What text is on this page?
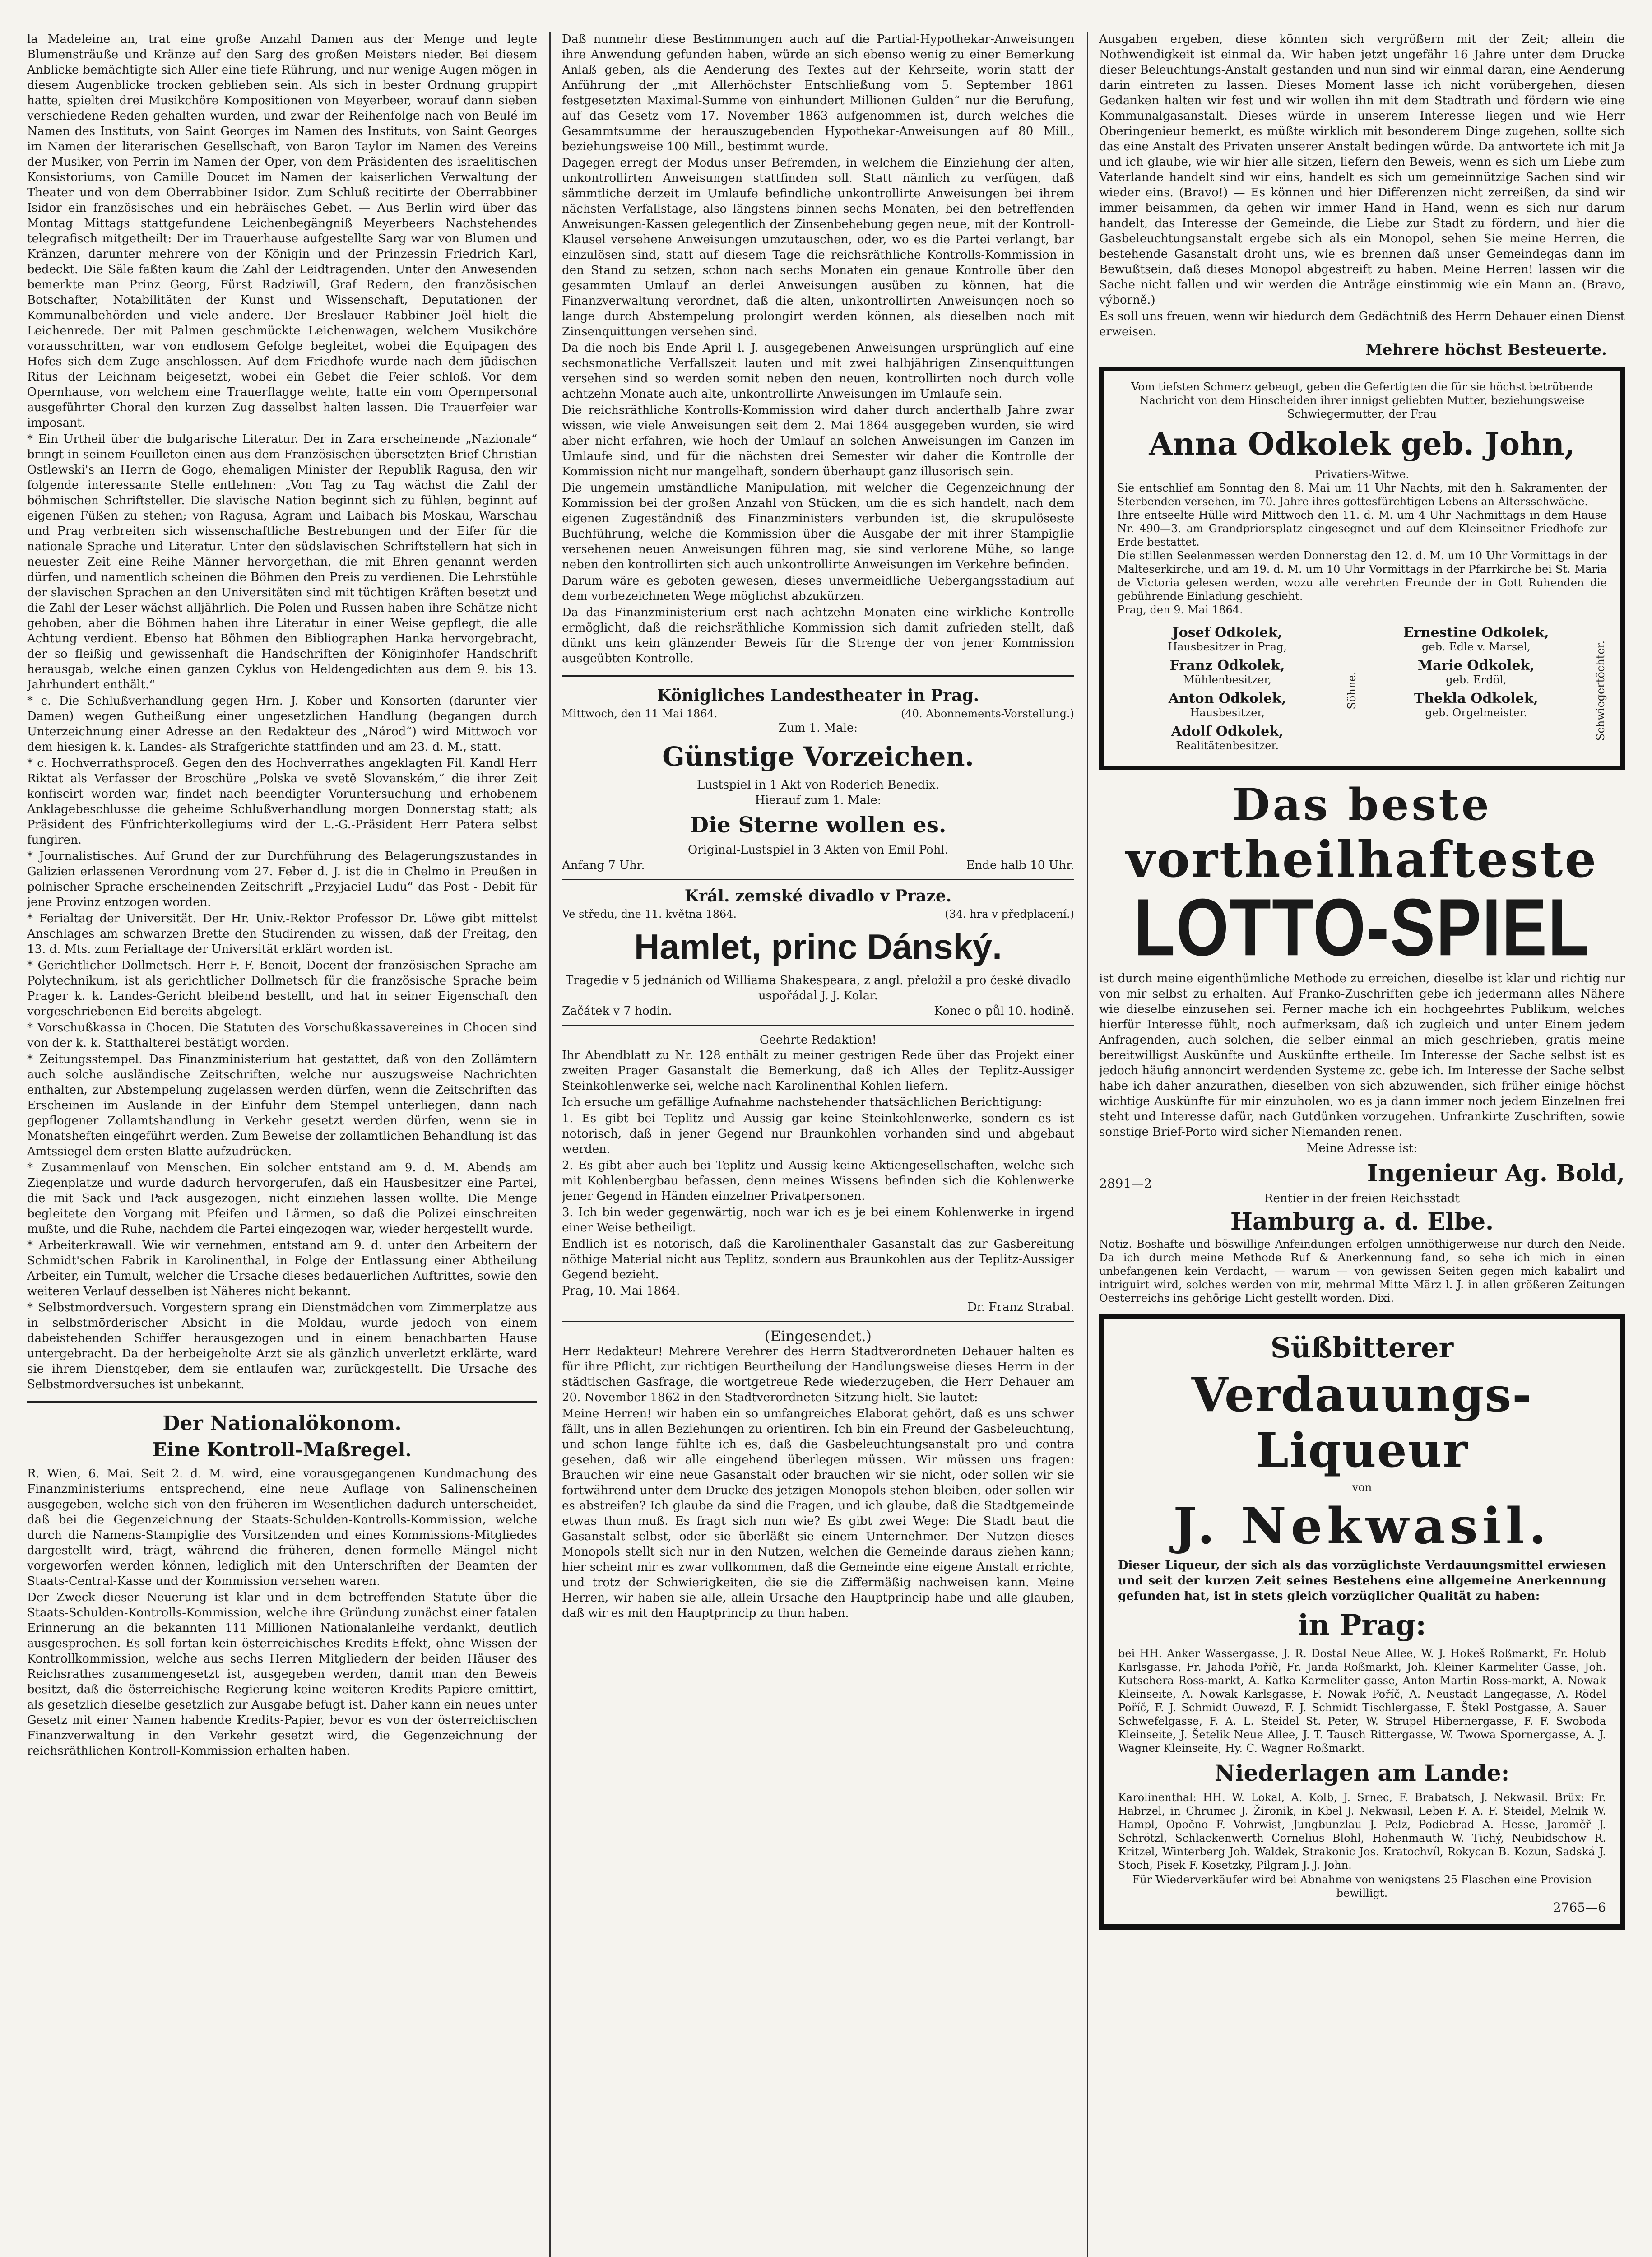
la Madeleine an, trat eine große Anzahl Damen aus der Menge und legte Blumensträuße und Kränze auf den Sarg des großen Meisters nieder. Bei diesem Anblicke bemächtigte sich Aller eine tiefe Rührung, und nur wenige Augen mögen in diesem Augenblicke trocken geblieben sein. Als sich in bester Ordnung gruppirt hatte, spielten drei Musikchöre Kompositionen von Meyerbeer, worauf dann sieben verschiedene Reden gehalten wurden, und zwar der Reihenfolge nach von Beulé im Namen des Instituts, von Saint Georges im Namen des Instituts, von Saint Georges im Namen der literarischen Gesellschaft, von Baron Taylor im Namen des Vereins der Musiker, von Perrin im Namen der Oper, von dem Präsidenten des israelitischen Konsistoriums, von Camille Doucet im Namen der kaiserlichen Verwaltung der Theater und von dem Oberrabbiner Isidor. Zum Schluß recitirte der Oberrabbiner Isidor ein französisches und ein hebräisches Gebet. — Aus Berlin wird über das Montag Mittags stattgefundene Leichenbegängniß Meyerbeers Nachstehendes telegrafisch mitgetheilt: Der im Trauerhause aufgestellte Sarg war von Blumen und Kränzen, darunter mehrere von der Königin und der Prinzessin Friedrich Karl, bedeckt. Die Säle faßten kaum die Zahl der Leidtragenden. Unter den Anwesenden bemerkte man Prinz Georg, Fürst Radziwill, Graf Redern, den französischen Botschafter, Notabilitäten der Kunst und Wissenschaft, Deputationen der Kommunalbehörden und viele andere. Der Breslauer Rabbiner Joël hielt die Leichenrede. Der mit Palmen geschmückte Leichenwagen, welchem Musikchöre vorausschritten, war von endlosem Gefolge begleitet, wobei die Equipagen des Hofes sich dem Zuge anschlossen. Auf dem Friedhofe wurde nach dem jüdischen Ritus der Leichnam beigesetzt, wobei ein Gebet die Feier schloß. Vor dem Opernhause, von welchem eine Trauerflagge wehte, hatte ein vom Opernpersonal ausgeführter Choral den kurzen Zug dasselbst halten lassen. Die Trauerfeier war imposant.

* Ein Urtheil über die bulgarische Literatur. Der in Zara erscheinende „Nazionale“ bringt in seinem Feuilleton einen aus dem Französischen übersetzten Brief Christian Ostlewski's an Herrn de Gogo, ehemaligen Minister der Republik Ragusa, den wir folgende interessante Stelle entlehnen: „Von Tag zu Tag wächst die Zahl der böhmischen Schriftsteller. Die slavische Nation beginnt sich zu fühlen, beginnt auf eigenen Füßen zu stehen; von Ragusa, Agram und Laibach bis Moskau, Warschau und Prag verbreiten sich wissenschaftliche Bestrebungen und der Eifer für die nationale Sprache und Literatur. Unter den südslavischen Schriftstellern hat sich in neuester Zeit eine Reihe Männer hervorgethan, die mit Ehren genannt werden dürfen, und namentlich scheinen die Böhmen den Preis zu verdienen. Die Lehrstühle der slavischen Sprachen an den Universitäten sind mit tüchtigen Kräften besetzt und die Zahl der Leser wächst alljährlich. Die Polen und Russen haben ihre Schätze nicht gehoben, aber die Böhmen haben ihre Literatur in einer Weise gepflegt, die alle Achtung verdient. Ebenso hat Böhmen den Bibliographen Hanka hervorgebracht, der so fleißig und gewissenhaft die Handschriften der Königinhofer Handschrift herausgab, welche einen ganzen Cyklus von Heldengedichten aus dem 9. bis 13. Jahrhundert enthält.“

* c. Die Schlußverhandlung gegen Hrn. J. Kober und Konsorten (darunter vier Damen) wegen Gutheißung einer ungesetzlichen Handlung (begangen durch Unterzeichnung einer Adresse an den Redakteur des „Národ“) wird Mittwoch vor dem hiesigen k. k. Landes- als Strafgerichte stattfinden und am 23. d. M., statt.

* c. Hochverrathsproceß. Gegen den des Hochverrathes angeklagten Fil. Kandl Herr Riktat als Verfasser der Broschüre „Polska ve svetě Slovanském,“ die ihrer Zeit konfiscirt worden war, findet nach beendigter Voruntersuchung und erhobenem Anklagebeschlusse die geheime Schlußverhandlung morgen Donnerstag statt; als Präsident des Fünfrichterkollegiums wird der L.-G.-Präsident Herr Patera selbst fungiren.

* Journalistisches. Auf Grund der zur Durchführung des Belagerungszustandes in Galizien erlassenen Verordnung vom 27. Feber d. J. ist die in Chelmo in Preußen in polnischer Sprache erscheinenden Zeitschrift „Przyjaciel Ludu“ das Post - Debit für jene Provinz entzogen worden.

* Ferialtag der Universität. Der Hr. Univ.-Rektor Professor Dr. Löwe gibt mittelst Anschlages am schwarzen Brette den Studirenden zu wissen, daß der Freitag, den 13. d. Mts. zum Ferialtage der Universität erklärt worden ist.

* Gerichtlicher Dollmetsch. Herr F. F. Benoit, Docent der französischen Sprache am Polytechnikum, ist als gerichtlicher Dollmetsch für die französische Sprache beim Prager k. k. Landes-Gericht bleibend bestellt, und hat in seiner Eigenschaft den vorgeschriebenen Eid bereits abgelegt.

* Vorschußkassa in Chocen. Die Statuten des Vorschußkassavereines in Chocen sind von der k. k. Statthalterei bestätigt worden.

* Zeitungsstempel. Das Finanzministerium hat gestattet, daß von den Zollämtern auch solche ausländische Zeitschriften, welche nur auszugsweise Nachrichten enthalten, zur Abstempelung zugelassen werden dürfen, wenn die Zeitschriften das Erscheinen im Auslande in der Einfuhr dem Stempel unterliegen, dann nach gepflogener Zollamtshandlung in Verkehr gesetzt werden dürfen, wenn sie in Monatsheften eingeführt werden. Zum Beweise der zollamtlichen Behandlung ist das Amtssiegel dem ersten Blatte aufzudrücken.

* Zusammenlauf von Menschen. Ein solcher entstand am 9. d. M. Abends am Ziegenplatze und wurde dadurch hervorgerufen, daß ein Hausbesitzer eine Partei, die mit Sack und Pack ausgezogen, nicht einziehen lassen wollte. Die Menge begleitete den Vorgang mit Pfeifen und Lärmen, so daß die Polizei einschreiten mußte, und die Ruhe, nachdem die Partei eingezogen war, wieder hergestellt wurde.

* Arbeiterkrawall. Wie wir vernehmen, entstand am 9. d. unter den Arbeitern der Schmidt'schen Fabrik in Karolinenthal, in Folge der Entlassung einer Abtheilung Arbeiter, ein Tumult, welcher die Ursache dieses bedauerlichen Auftrittes, sowie den weiteren Verlauf desselben ist Näheres nicht bekannt.

* Selbstmordversuch. Vorgestern sprang ein Dienstmädchen vom Zimmerplatze aus in selbstmörderischer Absicht in die Moldau, wurde jedoch von einem dabeistehenden Schiffer herausgezogen und in einem benachbarten Hause untergebracht. Da der herbeigeholte Arzt sie als gänzlich unverletzt erklärte, ward sie ihrem Dienstgeber, dem sie entlaufen war, zurückgestellt. Die Ursache des Selbstmordversuches ist unbekannt.

Der Nationalökonom.
Eine Kontroll-Maßregel.

R. Wien, 6. Mai. Seit 2. d. M. wird, eine vorausgegangenen Kundmachung des Finanzministeriums entsprechend, eine neue Auflage von Salinenscheinen ausgegeben, welche sich von den früheren im Wesentlichen dadurch unterscheidet, daß bei die Gegenzeichnung der Staats-Schulden-Kontrolls-Kommission, welche durch die Namens-Stampiglie des Vorsitzenden und eines Kommissions-Mitgliedes dargestellt wird, trägt, während die früheren, denen formelle Mängel nicht vorgeworfen werden können, lediglich mit den Unterschriften der Beamten der Staats-Central-Kasse und der Kommission versehen waren.

Der Zweck dieser Neuerung ist klar und in dem betreffenden Statute über die Staats-Schulden-Kontrolls-Kommission, welche ihre Gründung zunächst einer fatalen Erinnerung an die bekannten 111 Millionen Nationalanleihe verdankt, deutlich ausgesprochen. Es soll fortan kein österreichisches Kredits-Effekt, ohne Wissen der Kontrollkommission, welche aus sechs Herren Mitgliedern der beiden Häuser des Reichsrathes zusammengesetzt ist, ausgegeben werden, damit man den Beweis besitzt, daß die österreichische Regierung keine weiteren Kredits-Papiere emittirt, als gesetzlich dieselbe gesetzlich zur Ausgabe befugt ist. Daher kann ein neues unter Gesetz mit einer Namen habende Kredits-Papier, bevor es von der österreichischen Finanzverwaltung in den Verkehr gesetzt wird, die Gegenzeichnung der reichsräthlichen Kontroll-Kommission erhalten haben.

Daß nunmehr diese Bestimmungen auch auf die Partial-Hypothekar-Anweisungen ihre Anwendung gefunden haben, würde an sich ebenso wenig zu einer Bemerkung Anlaß geben, als die Aenderung des Textes auf der Kehrseite, worin statt der Anführung der „mit Allerhöchster Entschließung vom 5. September 1861 festgesetzten Maximal-Summe von einhundert Millionen Gulden“ nur die Berufung, auf das Gesetz vom 17. November 1863 aufgenommen ist, durch welches die Gesammtsumme der herauszugebenden Hypothekar-Anweisungen auf 80 Mill., beziehungsweise 100 Mill., bestimmt wurde.

Dagegen erregt der Modus unser Befremden, in welchem die Einziehung der alten, unkontrollirten Anweisungen stattfinden soll. Statt nämlich zu verfügen, daß sämmtliche derzeit im Umlaufe befindliche unkontrollirte Anweisungen bei ihrem nächsten Verfallstage, also längstens binnen sechs Monaten, bei den betreffenden Anweisungen-Kassen gelegentlich der Zinsenbehebung gegen neue, mit der Kontroll-Klausel versehene Anweisungen umzutauschen, oder, wo es die Partei verlangt, bar einzulösen sind, statt auf diesem Tage die reichsräthliche Kontrolls-Kommission in den Stand zu setzen, schon nach sechs Monaten ein genaue Kontrolle über den gesammten Umlauf an derlei Anweisungen ausüben zu können, hat die Finanzverwaltung verordnet, daß die alten, unkontrollirten Anweisungen noch so lange durch Abstempelung prolongirt werden können, als dieselben noch mit Zinsenquittungen versehen sind.

Da die noch bis Ende April l. J. ausgegebenen Anweisungen ursprünglich auf eine sechsmonatliche Verfallszeit lauten und mit zwei halbjährigen Zinsenquittungen versehen sind so werden somit neben den neuen, kontrollirten noch durch volle achtzehn Monate auch alte, unkontrollirte Anweisungen im Umlaufe sein.

Die reichsräthliche Kontrolls-Kommission wird daher durch anderthalb Jahre zwar wissen, wie viele Anweisungen seit dem 2. Mai 1864 ausgegeben wurden, sie wird aber nicht erfahren, wie hoch der Umlauf an solchen Anweisungen im Ganzen im Umlaufe sind, und für die nächsten drei Semester wir daher die Kontrolle der Kommission nicht nur mangelhaft, sondern überhaupt ganz illusorisch sein.

Die ungemein umständliche Manipulation, mit welcher die Gegenzeichnung der Kommission bei der großen Anzahl von Stücken, um die es sich handelt, nach dem eigenen Zugeständniß des Finanzministers verbunden ist, die skrupulöseste Buchführung, welche die Kommission über die Ausgabe der mit ihrer Stampiglie versehenen neuen Anweisungen führen mag, sie sind verlorene Mühe, so lange neben den kontrollirten sich auch unkontrollirte Anweisungen im Verkehre befinden.

Darum wäre es geboten gewesen, dieses unvermeidliche Uebergangsstadium auf dem vorbezeichneten Wege möglichst abzukürzen.

Da das Finanzministerium erst nach achtzehn Monaten eine wirkliche Kontrolle ermöglicht, daß die reichsräthliche Kommission sich damit zufrieden stellt, daß dünkt uns kein glänzender Beweis für die Strenge der von jener Kommission ausgeübten Kontrolle.

Königliches Landestheater in Prag.
Mittwoch, den 11 Mai 1864.	(40. Abonnements-Vorstellung.)

Zum 1. Male:

Günstige Vorzeichen.

Lustspiel in 1 Akt von Roderich Benedix.

Hierauf zum 1. Male:

Die Sterne wollen es.

Original-Lustspiel in 3 Akten von Emil Pohl.

Anfang 7 Uhr.	Ende halb 10 Uhr.

Král. zemské divadlo v Praze.
Ve středu, dne 11. května 1864.	(34. hra v předplacení.)
Hamlet, princ Dánský.

Tragedie v 5 jednáních od Williama Shakespeara, z angl. přeložil a pro české divadlo uspořádal J. J. Kolar.

Začátek v 7 hodin.	Konec o půl 10. hodině.

Geehrte Redaktion!

Ihr Abendblatt zu Nr. 128 enthält zu meiner gestrigen Rede über das Projekt einer zweiten Prager Gasanstalt die Bemerkung, daß ich Alles der Teplitz-Aussiger Steinkohlenwerke sei, welche nach Karolinenthal Kohlen liefern.

Ich ersuche um gefällige Aufnahme nachstehender thatsächlichen Berichtigung:

1. Es gibt bei Teplitz und Aussig gar keine Steinkohlenwerke, sondern es ist notorisch, daß in jener Gegend nur Braunkohlen vorhanden sind und abgebaut werden.

2. Es gibt aber auch bei Teplitz und Aussig keine Aktiengesellschaften, welche sich mit Kohlenbergbau befassen, denn meines Wissens befinden sich die Kohlenwerke jener Gegend in Händen einzelner Privatpersonen.

3. Ich bin weder gegenwärtig, noch war ich es je bei einem Kohlenwerke in irgend einer Weise betheiligt.

Endlich ist es notorisch, daß die Karolinenthaler Gasanstalt das zur Gasbereitung nöthige Material nicht aus Teplitz, sondern aus Braunkohlen aus der Teplitz-Aussiger Gegend bezieht.

Prag, 10. Mai 1864.

Dr. Franz Strabal.

(Eingesendet.)

Herr Redakteur! Mehrere Verehrer des Herrn Stadtverordneten Dehauer halten es für ihre Pflicht, zur richtigen Beurtheilung der Handlungsweise dieses Herrn in der städtischen Gasfrage, die wortgetreue Rede wiederzugeben, die Herr Dehauer am 20. November 1862 in den Stadtverordneten-Sitzung hielt. Sie lautet:

Meine Herren! wir haben ein so umfangreiches Elaborat gehört, daß es uns schwer fällt, uns in allen Beziehungen zu orientiren. Ich bin ein Freund der Gasbeleuchtung, und schon lange fühlte ich es, daß die Gasbeleuchtungsanstalt pro und contra gesehen, daß wir alle eingehend überlegen müssen. Wir müssen uns fragen: Brauchen wir eine neue Gasanstalt oder brauchen wir sie nicht, oder sollen wir sie fortwährend unter dem Drucke des jetzigen Monopols stehen bleiben, oder sollen wir es abstreifen? Ich glaube da sind die Fragen, und ich glaube, daß die Stadtgemeinde etwas thun muß. Es fragt sich nun wie? Es gibt zwei Wege: Die Stadt baut die Gasanstalt selbst, oder sie überläßt sie einem Unternehmer. Der Nutzen dieses Monopols stellt sich nur in den Nutzen, welchen die Gemeinde daraus ziehen kann; hier scheint mir es zwar vollkommen, daß die Gemeinde eine eigene Anstalt errichte, und trotz der Schwierigkeiten, die sie die Ziffermäßig nachweisen kann. Meine Herren, wir haben sie alle, allein Ursache den Hauptprincip habe und alle glauben, daß wir es mit den Hauptprincip zu thun haben.

Ausgaben ergeben, diese könnten sich vergrößern mit der Zeit; allein die Nothwendigkeit ist einmal da. Wir haben jetzt ungefähr 16 Jahre unter dem Drucke dieser Beleuchtungs-Anstalt gestanden und nun sind wir einmal daran, eine Aenderung darin eintreten zu lassen. Dieses Moment lasse ich nicht vorübergehen, diesen Gedanken halten wir fest und wir wollen ihn mit dem Stadtrath und fördern wie eine Kommunalgasanstalt. Dieses würde in unserem Interesse liegen und wie Herr Oberingenieur bemerkt, es müßte wirklich mit besonderem Dinge zugehen, sollte sich das eine Anstalt des Privaten unserer Anstalt bedingen würde. Da antwortete ich mit Ja und ich glaube, wie wir hier alle sitzen, liefern den Beweis, wenn es sich um Liebe zum Vaterlande handelt sind wir eins, handelt es sich um gemeinnützige Sachen sind wir wieder eins. (Bravo!) — Es können und hier Differenzen nicht zerreißen, da sind wir immer beisammen, da gehen wir immer Hand in Hand, wenn es sich nur darum handelt, das Interesse der Gemeinde, die Liebe zur Stadt zu fördern, und hier die Gasbeleuchtungsanstalt ergebe sich als ein Monopol, sehen Sie meine Herren, die bestehende Gasanstalt droht uns, wie es brennen daß unser Gemeindegas dann im Bewußtsein, daß dieses Monopol abgestreift zu haben. Meine Herren! lassen wir die Sache nicht fallen und wir werden die Anträge einstimmig wie ein Mann an. (Bravo, výborně.)

Es soll uns freuen, wenn wir hiedurch dem Gedächtniß des Herrn Dehauer einen Dienst erweisen.

Mehrere höchst Besteuerte.

Vom tiefsten Schmerz gebeugt, geben die Gefertigten die für sie höchst betrübende Nachricht von dem Hinscheiden ihrer innigst geliebten Mutter, beziehungsweise Schwiegermutter, der Frau

Anna Odkolek geb. John,

Privatiers-Witwe.

Sie entschlief am Sonntag den 8. Mai um 11 Uhr Nachts, mit den h. Sakramenten der Sterbenden versehen, im 70. Jahre ihres gottesfürchtigen Lebens an Altersschwäche.

Ihre entseelte Hülle wird Mittwoch den 11. d. M. um 4 Uhr Nachmittags in dem Hause Nr. 490—3. am Grandpriorsplatz eingesegnet und auf dem Kleinseitner Friedhofe zur Erde bestattet.

Die stillen Seelenmessen werden Donnerstag den 12. d. M. um 10 Uhr Vormittags in der Malteserkirche, und am 19. d. M. um 10 Uhr Vormittags in der Pfarrkirche bei St. Maria de Victoria gelesen werden, wozu alle verehrten Freunde der in Gott Ruhenden die gebührende Einladung geschieht.

Prag, den 9. Mai 1864.

Josef Odkolek,
Hausbesitzer in Prag,
Franz Odkolek,
Mühlenbesitzer,
Anton Odkolek,
Hausbesitzer,
Adolf Odkolek,
Realitätenbesitzer.
Söhne.
Ernestine Odkolek,
geb. Edle v. Marsel,
Marie Odkolek,
geb. Erdöl,
Thekla Odkolek,
geb. Orgelmeister.	Schwiegertöchter.
Das beste
vortheilhafteste
LOTTO-SPIEL

ist durch meine eigenthümliche Methode zu erreichen, dieselbe ist klar und richtig nur von mir selbst zu erhalten. Auf Franko-Zuschriften gebe ich jedermann alles Nähere wie dieselbe einzusehen sei. Ferner mache ich ein hochgeehrtes Publikum, welches hierfür Interesse fühlt, noch aufmerksam, daß ich zugleich und unter Einem jedem Anfragenden, auch solchen, die selber einmal an mich geschrieben, gratis meine bereitwilligst Auskünfte und Auskünfte ertheile. Im Interesse der Sache selbst ist es jedoch häufig annoncirt werdenden Systeme zc. gebe ich. Im Interesse der Sache selbst habe ich daher anzurathen, dieselben von sich abzuwenden, sich früher einige höchst wichtige Auskünfte für mir einzuholen, wo es ja dann immer noch jedem Einzelnen frei steht und Interesse dafür, nach Gutdünken vorzugehen. Unfrankirte Zuschriften, sowie sonstige Brief-Porto wird sicher Niemanden renen.

Meine Adresse ist:

2891—2	Ingenieur Ag. Bold,

Rentier in der freien Reichsstadt

Hamburg a. d. Elbe.

Notiz. Boshafte und böswillige Anfeindungen erfolgen unnöthigerweise nur durch den Neide. Da ich durch meine Methode Ruf & Anerkennung fand, so sehe ich mich in einen unbefangenen kein Verdacht, — warum — von gewissen Seiten gegen mich kabalirt und intriguirt wird, solches werden von mir, mehrmal Mitte März l. J. in allen größeren Zeitungen Oesterreichs ins gehörige Licht gestellt worden. Dixi.

Süßbitterer
Verdauungs-Liqueur

von

J. Nekwasil.

Dieser Liqueur, der sich als das vorzüglichste Verdauungsmittel erwiesen und seit der kurzen Zeit seines Bestehens eine allgemeine Anerkennung gefunden hat, ist in stets gleich vorzüglicher Qualität zu haben:

in Prag:

bei HH. Anker Wassergasse, J. R. Dostal Neue Allee, W. J. Hokeš Roßmarkt, Fr. Holub Karlsgasse, Fr. Jahoda Poříč, Fr. Janda Roßmarkt, Joh. Kleiner Karmeliter Gasse, Joh. Kutschera Ross-markt, A. Kafka Karmeliter gasse, Anton Martin Ross-markt, A. Nowak Kleinseite, A. Nowak Karlsgasse, F. Nowak Poříč, A. Neustadt Langegasse, A. Rödel Poříč, F. J. Schmidt Ouwezd, F. J. Schmidt Tischlergasse, F. Štekl Postgasse, A. Sauer Schwefelgasse, F. A. L. Steidel St. Peter, W. Strupel Hibernergasse, F. F. Swoboda Kleinseite, J. Šetelik Neue Allee, J. T. Tausch Rittergasse, W. Twowa Spornergasse, A. J. Wagner Kleinseite, Hy. C. Wagner Roßmarkt.

Niederlagen am Lande:

Karolinenthal: HH. W. Lokal, A. Kolb, J. Srnec, F. Brabatsch, J. Nekwasil. Brüx: Fr. Habrzel, in Chrumec J. Žironik, in Kbel J. Nekwasil, Leben F. A. F. Steidel, Melnik W. Hampl, Opočno F. Vohrwist, Jungbunzlau J. Pelz, Podiebrad A. Hesse, Jaroměř J. Schrötzl, Schlackenwerth Cornelius Blohl, Hohenmauth W. Tichý, Neubidschow R. Kritzel, Winterberg Joh. Waldek, Strakonic Jos. Kratochvíl, Rokycan B. Kozun, Sadská J. Stoch, Pisek F. Kosetzky, Pilgram J. J. John.

Für Wiederverkäufer wird bei Abnahme von wenigstens 25 Flaschen eine Provision bewilligt.

2765—6
